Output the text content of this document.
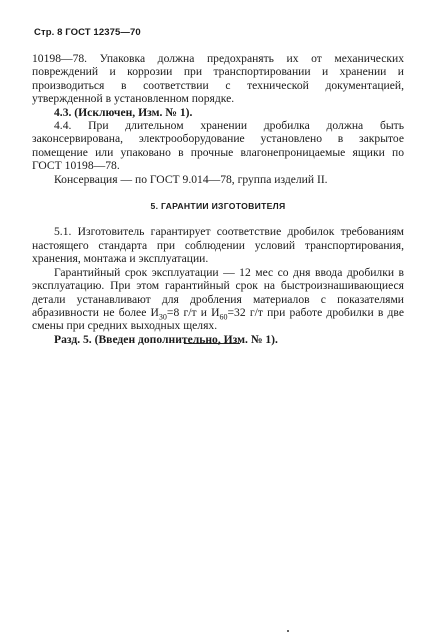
Стр. 8 ГОСТ 12375—70

10198—78. Упаковка должна предохранять их от механических повреждений и коррозии при транспортировании и хранении и производиться в соответствии с технической документацией, утвержденной в установленном порядке.

4.3. (Исключен, Изм. № 1).

4.4. При длительном хранении дробилка должна быть законсервирована, электрооборудование установлено в закрытое помещение или упаковано в прочные влагонепроницаемые ящики по ГОСТ 10198—78.

Консервация — по ГОСТ 9.014—78, группа изделий II.

5. ГАРАНТИИ ИЗГОТОВИТЕЛЯ

5.1. Изготовитель гарантирует соответствие дробилок требованиям настоящего стандарта при соблюдении условий транспортирования, хранения, монтажа и эксплуатации.

Гарантийный срок эксплуатации — 12 мес со дня ввода дробилки в эксплуатацию. При этом гарантийный срок на быстроизнашивающиеся детали устанавливают для дробления материалов с показателями абразивности не более $И_{30}=8$ г/т и $И_{60}=32$ г/т при работе дробилки в две смены при средних выходных щелях.

Разд. 5. (Введен дополнительно, Изм. № 1).
